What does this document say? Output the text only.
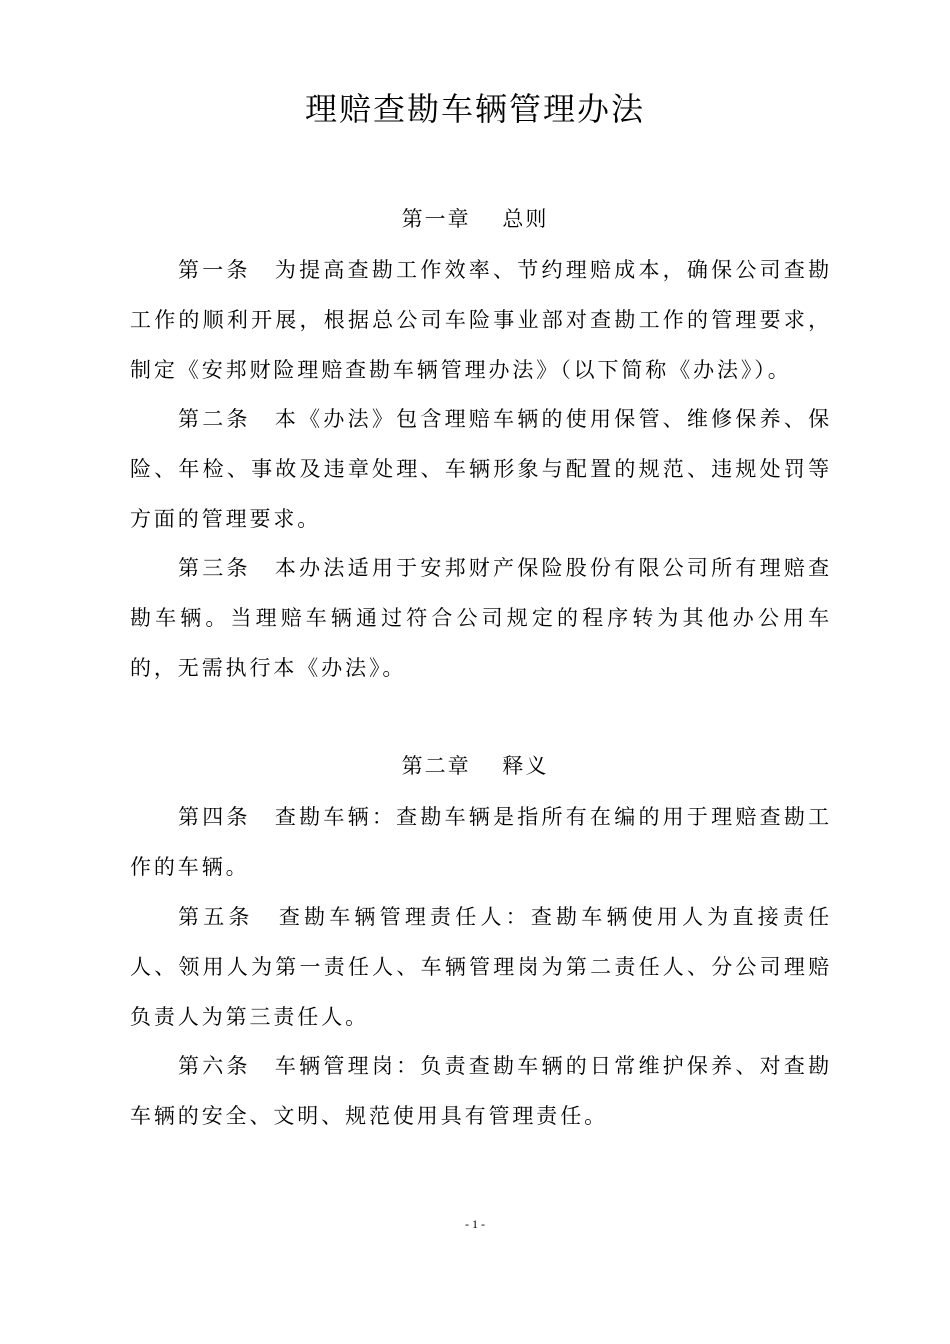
理赔查勘车辆管理办法
第一章　 总则

第一条　为提高查勘工作效率、节约理赔成本，确保公司查勘工作的顺利开展，根据总公司车险事业部对查勘工作的管理要求，制定《安邦财险理赔查勘车辆管理办法》（以下简称《办法》）。

第二条　本《办法》包含理赔车辆的使用保管、维修保养、保险、年检、事故及违章处理、车辆形象与配置的规范、违规处罚等方面的管理要求。

第三条　本办法适用于安邦财产保险股份有限公司所有理赔查勘车辆。当理赔车辆通过符合公司规定的程序转为其他办公用车的，无需执行本《办法》。

第二章　 释义

第四条　查勘车辆：查勘车辆是指所有在编的用于理赔查勘工作的车辆。

第五条　查勘车辆管理责任人：查勘车辆使用人为直接责任人、领用人为第一责任人、车辆管理岗为第二责任人、分公司理赔负责人为第三责任人。

第六条　车辆管理岗：负责查勘车辆的日常维护保养、对查勘车辆的安全、文明、规范使用具有管理责任。

- 1 -
